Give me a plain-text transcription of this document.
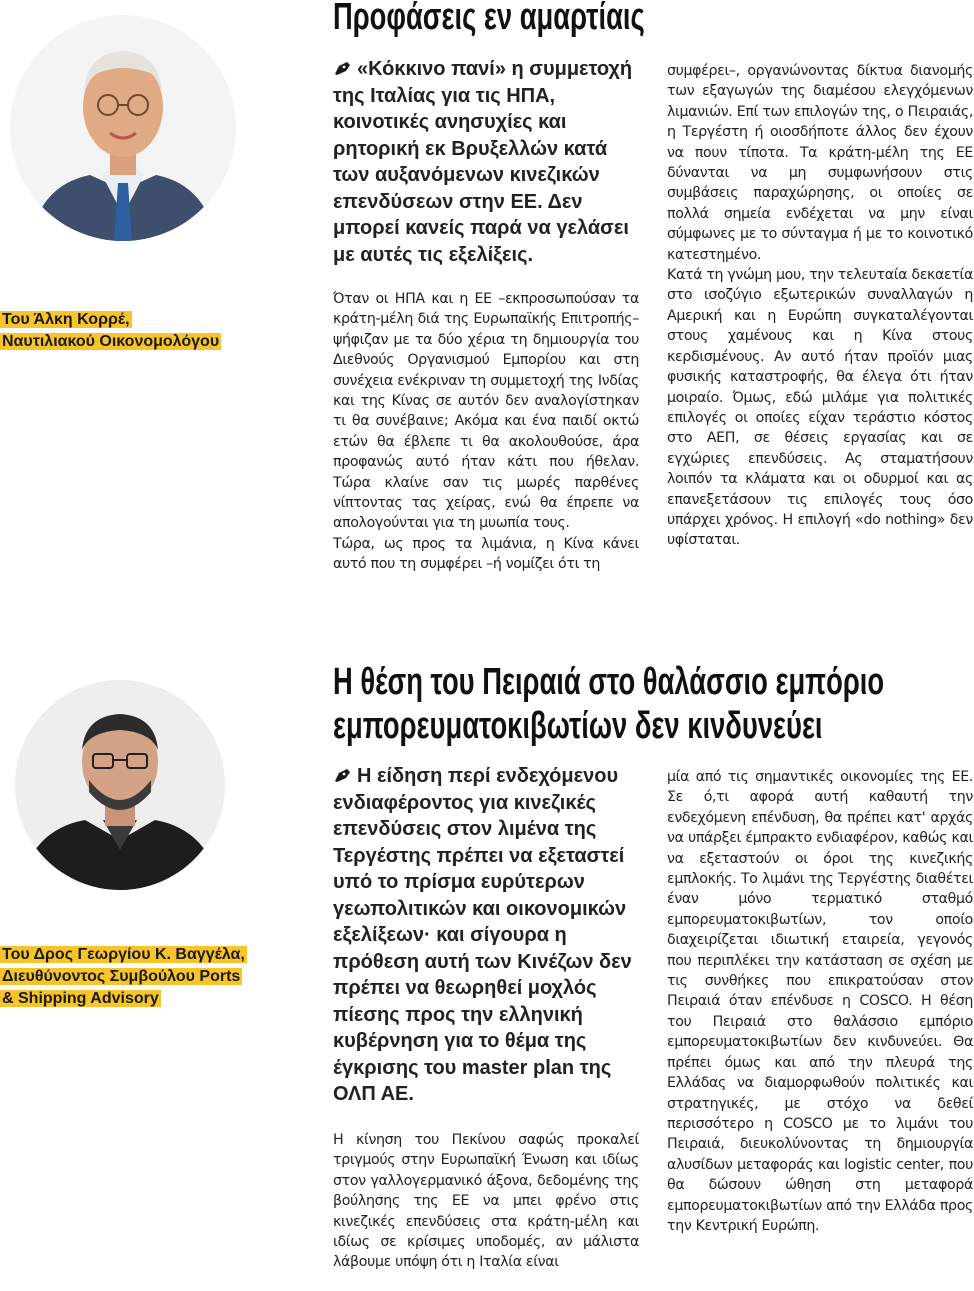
Του Άλκη Κορρέ,
Ναυτιλιακού Οικονομολόγου
Προφάσεις εν αμαρτίαις
«Κόκκινο πανί» η συμμετοχή της Ιταλίας για τις ΗΠΑ, κοινοτικές ανησυχίες και ρητορική εκ Βρυξελλών κατά των αυξανόμενων κινεζικών επενδύσεων στην ΕΕ. Δεν μπορεί κανείς παρά να γελάσει με αυτές τις εξελίξεις.

Όταν οι ΗΠΑ και η ΕΕ –εκπροσωπούσαν τα κράτη-μέλη διά της Ευρωπαϊκής Επιτροπής– ψήφιζαν με τα δύο χέρια τη δημιουργία του Διεθνούς Οργανισμού Εμπορίου και στη συνέχεια ενέκριναν τη συμμετοχή της Ινδίας και της Κίνας σε αυτόν δεν αναλογίστηκαν τι θα συνέβαινε; Ακόμα και ένα παιδί οκτώ ετών θα έβλεπε τι θα ακολουθούσε, άρα προφανώς αυτό ήταν κάτι που ήθελαν. Τώρα κλαίνε σαν τις μωρές παρθένες νίπτοντας τας χείρας, ενώ θα έπρεπε να απολογούνται για τη μυωπία τους.

Τώρα, ως προς τα λιμάνια, η Κίνα κάνει αυτό που τη συμφέρει –ή νομίζει ότι τη

συμφέρει–, οργανώνοντας δίκτυα διανομής των εξαγωγών της διαμέσου ελεγχόμενων λιμανιών. Επί των επιλογών της, ο Πειραιάς, η Τεργέστη ή οιοσδήποτε άλλος δεν έχουν να πουν τίποτα. Τα κράτη-μέλη της ΕΕ δύνανται να μη συμφωνήσουν στις συμβάσεις παραχώρησης, οι οποίες σε πολλά σημεία ενδέχεται να μην είναι σύμφωνες με το σύνταγμα ή με το κοινοτικό κατεστημένο.

Κατά τη γνώμη μου, την τελευταία δεκαετία στο ισοζύγιο εξωτερικών συναλλαγών η Αμερική και η Ευρώπη συγκαταλέγονται στους χαμένους και η Κίνα στους κερδισμένους. Αν αυτό ήταν προϊόν μιας φυσικής καταστροφής, θα έλεγα ότι ήταν μοιραίο. Όμως, εδώ μιλάμε για πολιτικές επιλογές οι οποίες είχαν τεράστιο κόστος στο ΑΕΠ, σε θέσεις εργασίας και σε εγχώριες επενδύσεις. Ας σταματήσουν λοιπόν τα κλάματα και οι οδυρμοί και ας επανεξετάσουν τις επιλογές τους όσο υπάρχει χρόνος. Η επιλογή «do nothing» δεν υφίσταται.

Του Δρος Γεωργίου Κ. Βαγγέλα,
Διευθύνοντος Συμβούλου Ports
& Shipping Advisory
Η θέση του Πειραιά στο θαλάσσιο εμπόριο
εμπορευματοκιβωτίων δεν κινδυνεύει
Η είδηση περί ενδεχόμενου ενδιαφέροντος για κινεζικές επενδύσεις στον λιμένα της Τεργέστης πρέπει να εξεταστεί υπό το πρίσμα ευρύτερων γεωπολιτικών και οικονομικών εξελίξεων· και σίγουρα η πρόθεση αυτή των Κινέζων δεν πρέπει να θεωρηθεί μοχλός πίεσης προς την ελληνική κυβέρνηση για το θέμα της έγκρισης του master plan της ΟΛΠ ΑΕ.

Η κίνηση του Πεκίνου σαφώς προκαλεί τριγμούς στην Ευρωπαϊκή Ένωση και ιδίως στον γαλλογερμανικό άξονα, δεδομένης της βούλησης της ΕΕ να μπει φρένο στις κινεζικές επενδύσεις στα κράτη-μέλη και ιδίως σε κρίσιμες υποδομές, αν μάλιστα λάβουμε υπόψη ότι η Ιταλία είναι

μία από τις σημαντικές οικονομίες της ΕΕ. Σε ό,τι αφορά αυτή καθαυτή την ενδεχόμενη επένδυση, θα πρέπει κατ' αρχάς να υπάρξει έμπρακτο ενδιαφέρον, καθώς και να εξεταστούν οι όροι της κινεζικής εμπλοκής. Το λιμάνι της Τεργέστης διαθέτει έναν μόνο τερματικό σταθμό εμπορευματοκιβωτίων, τον οποίο διαχειρίζεται ιδιωτική εταιρεία, γεγονός που περιπλέκει την κατάσταση σε σχέση με τις συνθήκες που επικρατούσαν στον Πειραιά όταν επένδυσε η COSCO. Η θέση του Πειραιά στο θαλάσσιο εμπόριο εμπορευματοκιβωτίων δεν κινδυνεύει. Θα πρέπει όμως και από την πλευρά της Ελλάδας να διαμορφωθούν πολιτικές και στρατηγικές, με στόχο να δεθεί περισσότερο η COSCO με το λιμάνι του Πειραιά, διευκολύνοντας τη δημιουργία αλυσίδων μεταφοράς και logistic center, που θα δώσουν ώθηση στη μεταφορά εμπορευματοκιβωτίων από την Ελλάδα προς την Κεντρική Ευρώπη.
